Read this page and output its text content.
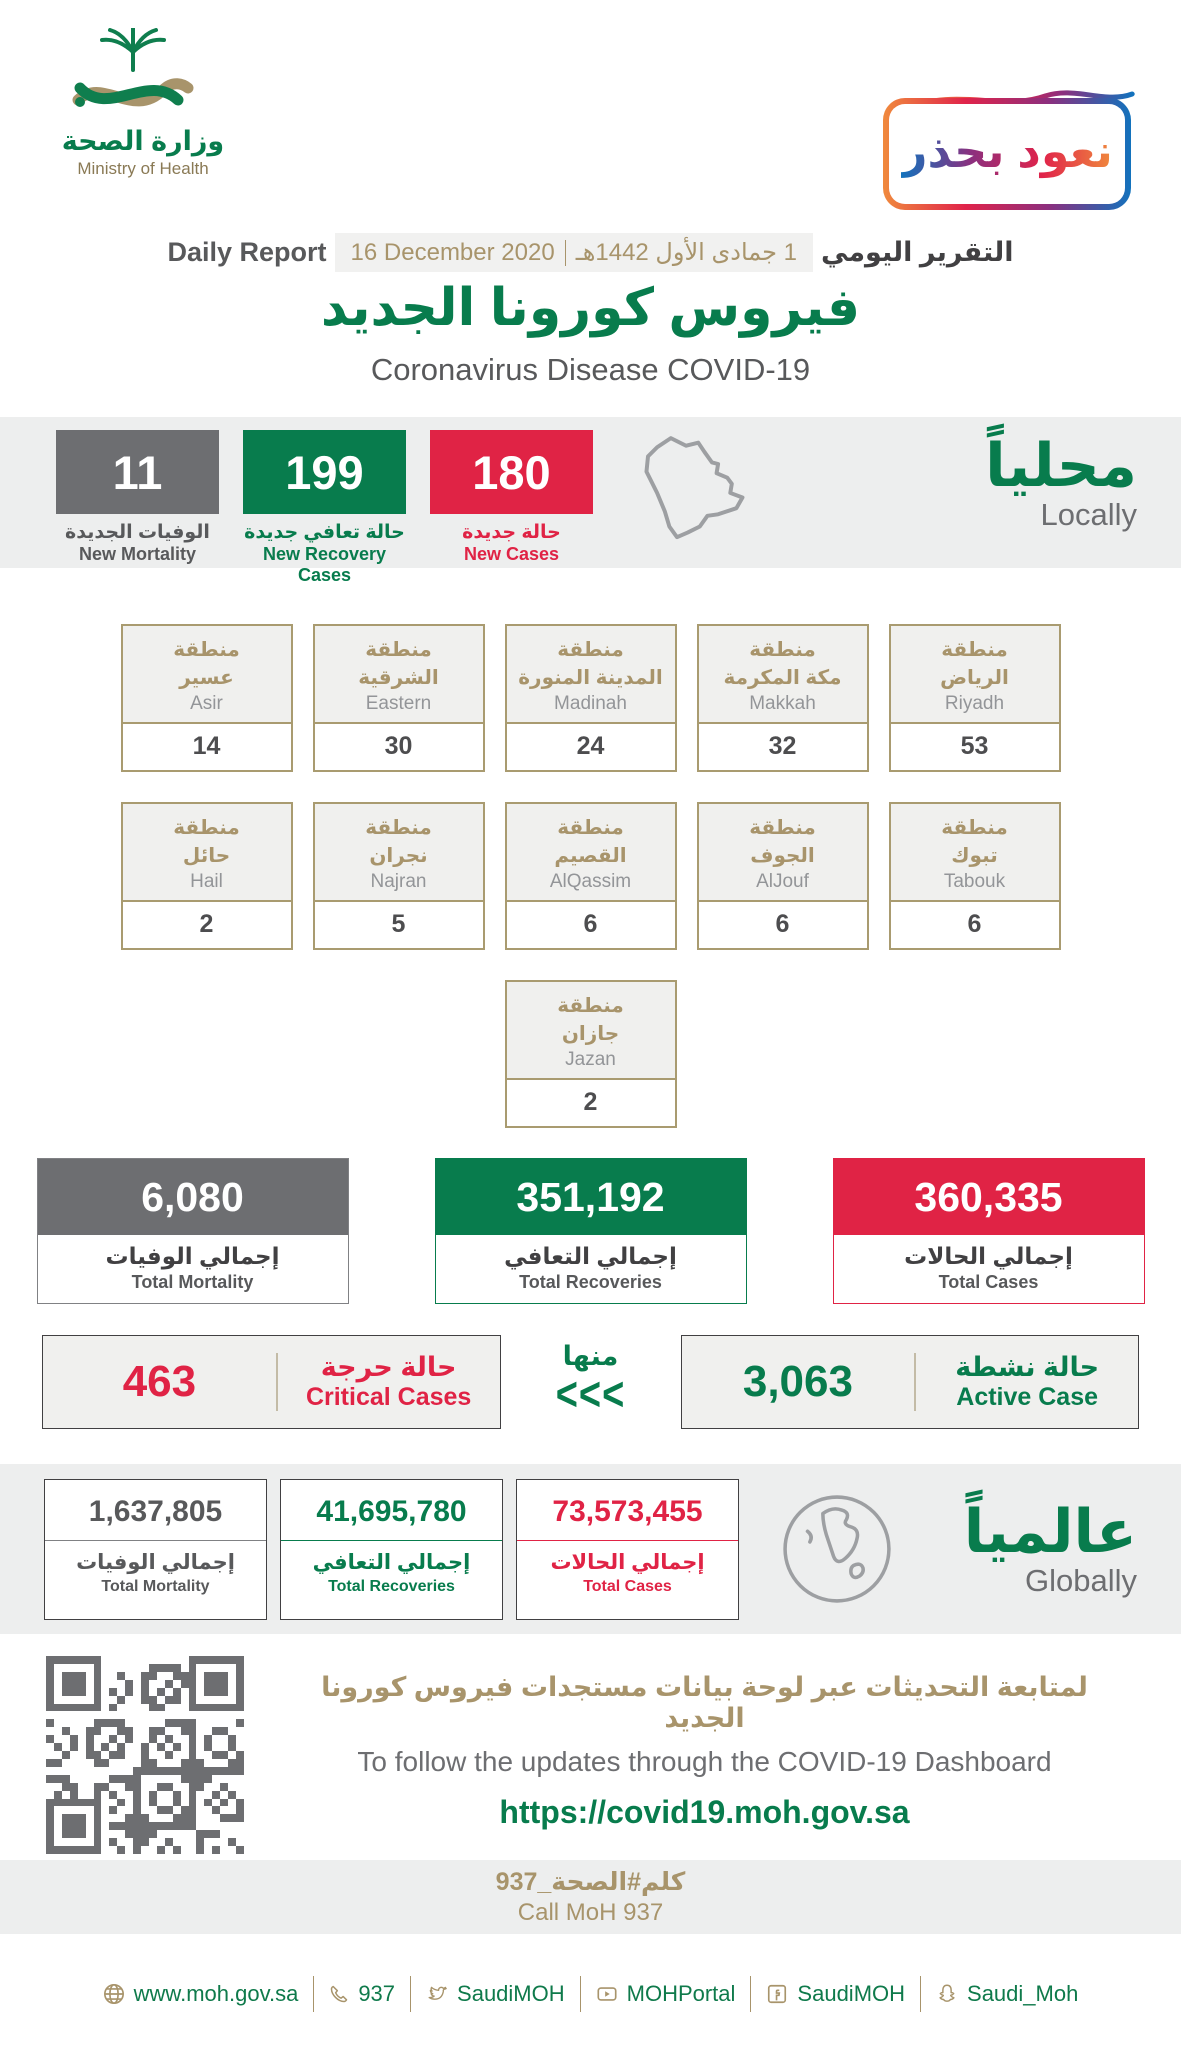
وزارة الصحة
Ministry of Health	نعود بحذر
Daily Report 16 December 2020 1 جمادى الأول 1442هـ التقرير اليومي
فيروس كورونا الجديد
Coronavirus Disease COVID-19
11
الوفيات الجديدة
New Mortality
199
حالة تعافي جديدة
New Recovery Cases
180
حالة جديدة
New Cases
محلياً
Locally
منطقة
عسير
Asir
14
منطقة
الشرقية
Eastern
30
منطقة
المدينة المنورة
Madinah
24
منطقة
مكة المكرمة
Makkah
32
منطقة
الرياض
Riyadh
53
منطقة
حائل
Hail
2
منطقة
نجران
Najran
5
منطقة
القصيم
AlQassim
6
منطقة
الجوف
AlJouf
6
منطقة
تبوك
Tabouk
6
منطقة
جازان
Jazan
2
6,080
إجمالي الوفيات
Total Mortality
351,192
إجمالي التعافي
Total Recoveries
360,335
إجمالي الحالات
Total Cases
463	حالة حرجة
Critical Cases
منها
<<<	3,063	حالة نشطة
Active Case
1,637,805
إجمالي الوفيات
Total Mortality
41,695,780
إجمالي التعافي
Total Recoveries
73,573,455
إجمالي الحالات
Total Cases
عالمياً
Globally
لمتابعة التحديثات عبر لوحة بيانات مستجدات فيروس كورونا الجديد
To follow the updates through the COVID-19 Dashboard
https://covid19.moh.gov.sa
كلم#الصحة_937
Call MoH 937
www.moh.gov.sa	937	SaudiMOH	MOHPortal	SaudiMOH	Saudi_Moh
